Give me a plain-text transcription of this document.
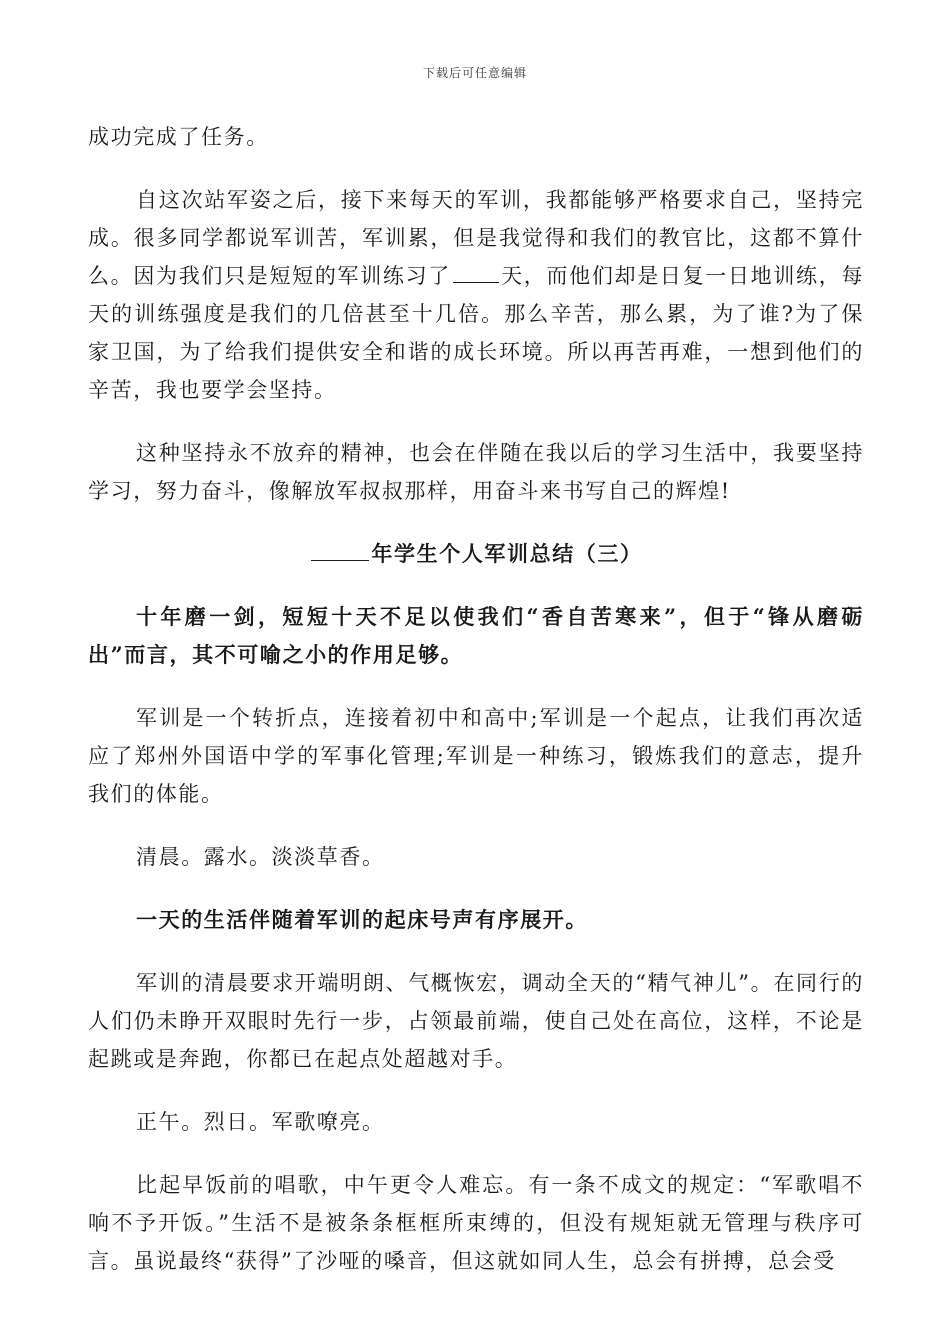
下载后可任意编辑

成功完成了任务。

自这次站军姿之后，接下来每天的军训，我都能够严格要求自己，坚持完成。很多同学都说军训苦，军训累，但是我觉得和我们的教官比，这都不算什么。因为我们只是短短的军训练习了 天，而他们却是日复一日地训练，每天的训练强度是我们的几倍甚至十几倍。那么辛苦，那么累，为了谁?为了保家卫国，为了给我们提供安全和谐的成长环境。所以再苦再难，一想到他们的辛苦，我也要学会坚持。

这种坚持永不放弃的精神，也会在伴随在我以后的学习生活中，我要坚持学习，努力奋斗，像解放军叔叔那样，用奋斗来书写自己的辉煌!

年学生个人军训总结（三）

十年磨一剑，短短十天不足以使我们“香自苦寒来”，但于“锋从磨砺出”而言，其不可喻之小的作用足够。

军训是一个转折点，连接着初中和高中;军训是一个起点，让我们再次适应了郑州外国语中学的军事化管理;军训是一种练习，锻炼我们的意志，提升我们的体能。

清晨。露水。淡淡草香。

一天的生活伴随着军训的起床号声有序展开。

军训的清晨要求开端明朗、气概恢宏，调动全天的“精气神儿”。在同行的人们仍未睁开双眼时先行一步，占领最前端，使自己处在高位，这样，不论是起跳或是奔跑，你都已在起点处超越对手。

正午。烈日。军歌嘹亮。

比起早饭前的唱歌，中午更令人难忘。有一条不成文的规定：“军歌唱不响不予开饭。”生活不是被条条框框所束缚的，但没有规矩就无管理与秩序可言。虽说最终“获得”了沙哑的嗓音，但这就如同人生，总会有拼搏，总会受
